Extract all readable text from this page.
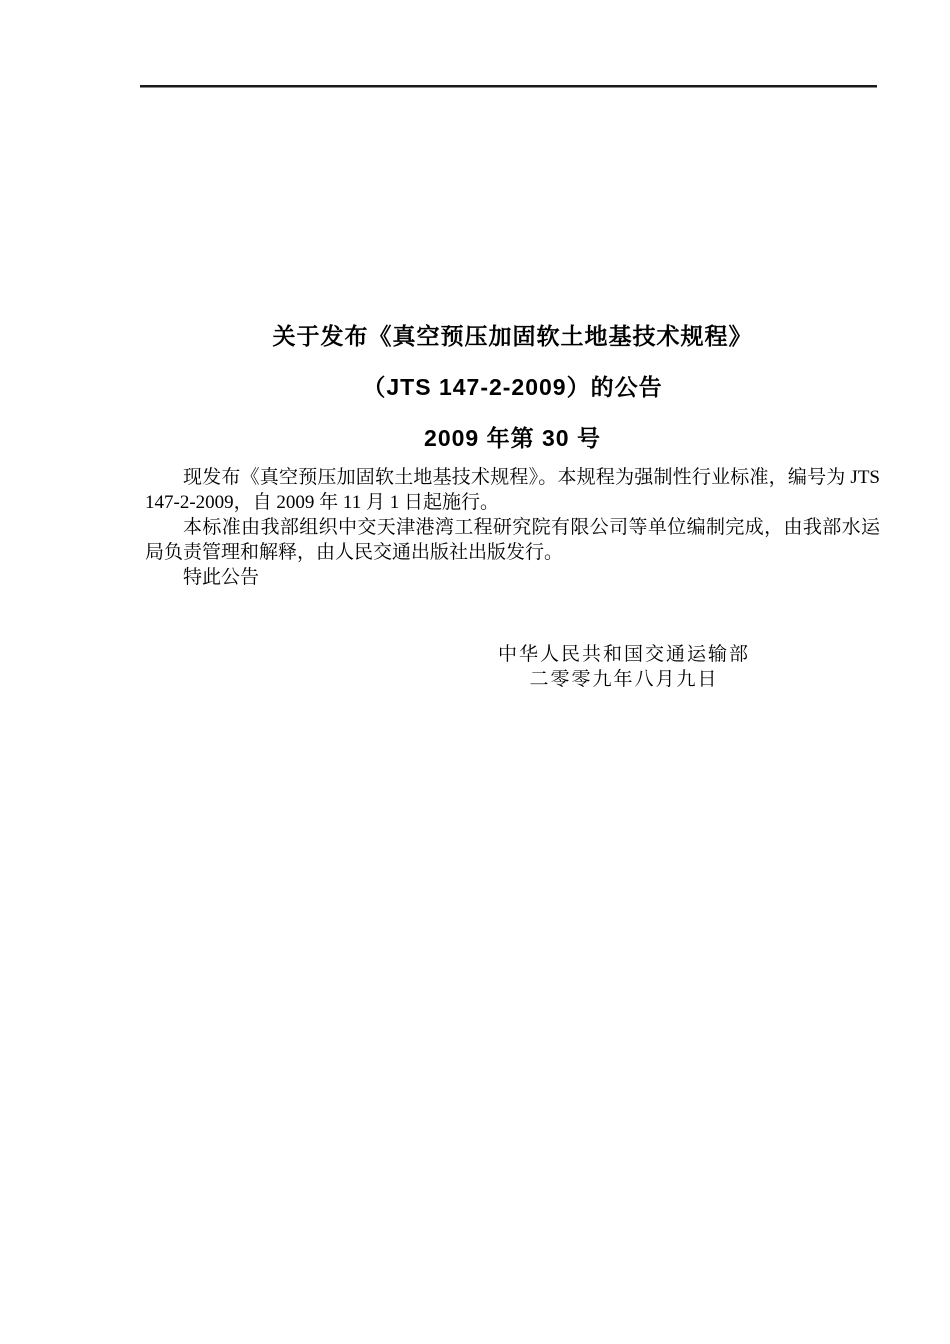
关于发布《真空预压加固软土地基技术规程》
（JTS 147-2-2009）的公告
2009 年第 30 号

现发布《真空预压加固软土地基技术规程》。本规程为强制性行业标准，编号为 JTS 147-2-2009，自 2009 年 11 月 1 日起施行。

本标准由我部组织中交天津港湾工程研究院有限公司等单位编制完成，由我部水运局负责管理和解释，由人民交通出版社出版发行。

特此公告

中华人民共和国交通运输部
二零零九年八月九日
